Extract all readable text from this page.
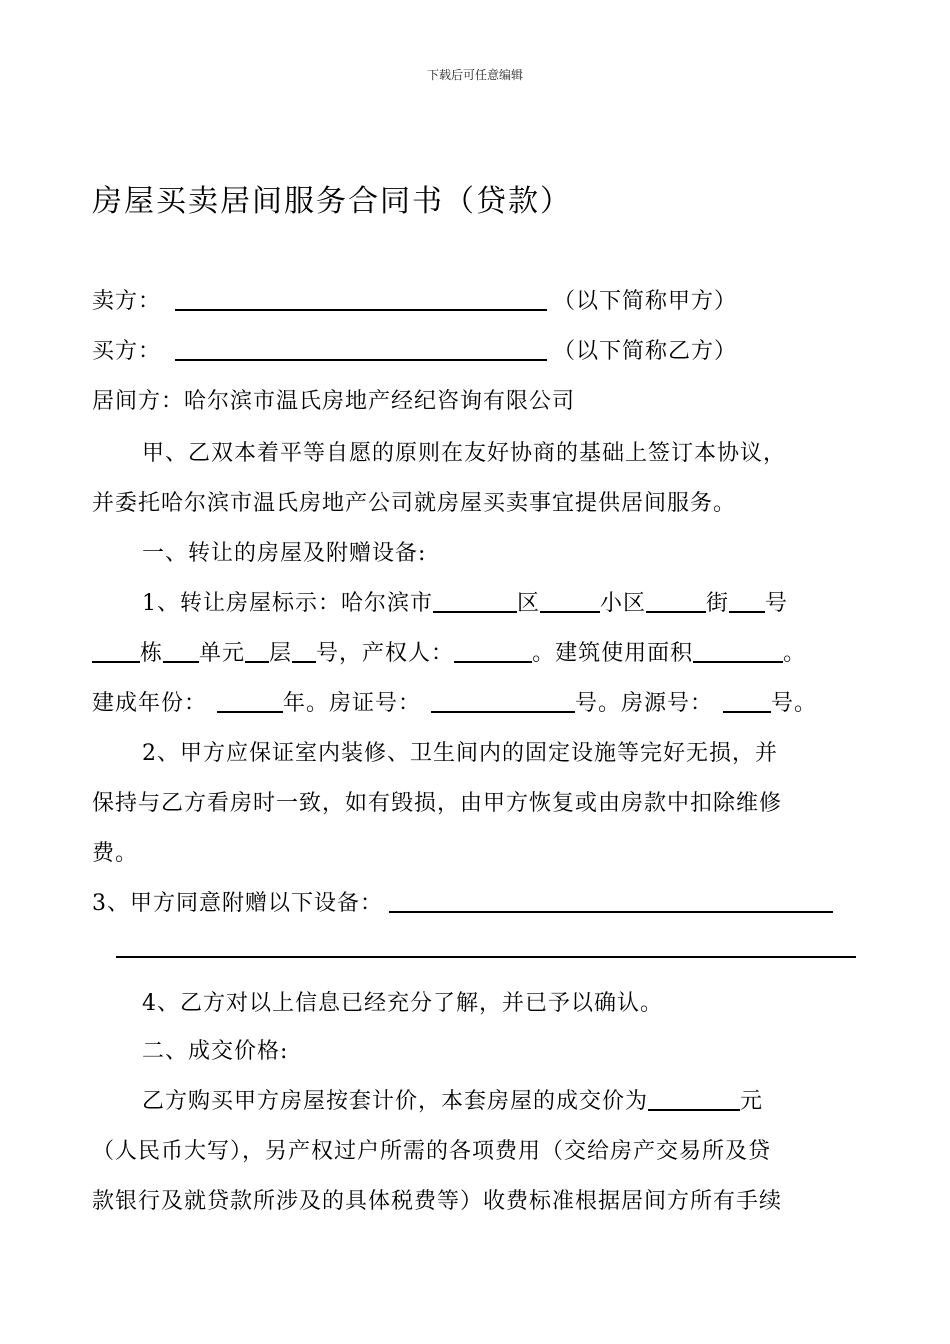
下载后可任意编辑
房屋买卖居间服务合同书（贷款）
卖方：	（以下简称甲方）
买方：	（以下简称乙方）
居间方：哈尔滨市温氏房地产经纪咨询有限公司
甲、乙双本着平等自愿的原则在友好协商的基础上签订本协议，
并委托哈尔滨市温氏房地产公司就房屋买卖事宜提供居间服务。
一、转让的房屋及附赠设备:
1、转让房屋标示：哈尔滨市	区	小区	街 号
栋 单元 层 号，产权人：	。建筑使用面积	。
建成年份：	年。房证号：	号。房源号：	号。
2、甲方应保证室内装修、卫生间内的固定设施等完好无损，并
保持与乙方看房时一致，如有毁损，由甲方恢复或由房款中扣除维修
费。
3、甲方同意附赠以下设备：
4、乙方对以上信息已经充分了解，并已予以确认。
二、成交价格:
乙方购买甲方房屋按套计价，本套房屋的成交价为	元
（人民币大写），另产权过户所需的各项费用（交给房产交易所及贷
款银行及就贷款所涉及的具体税费等）收费标准根据居间方所有手续
